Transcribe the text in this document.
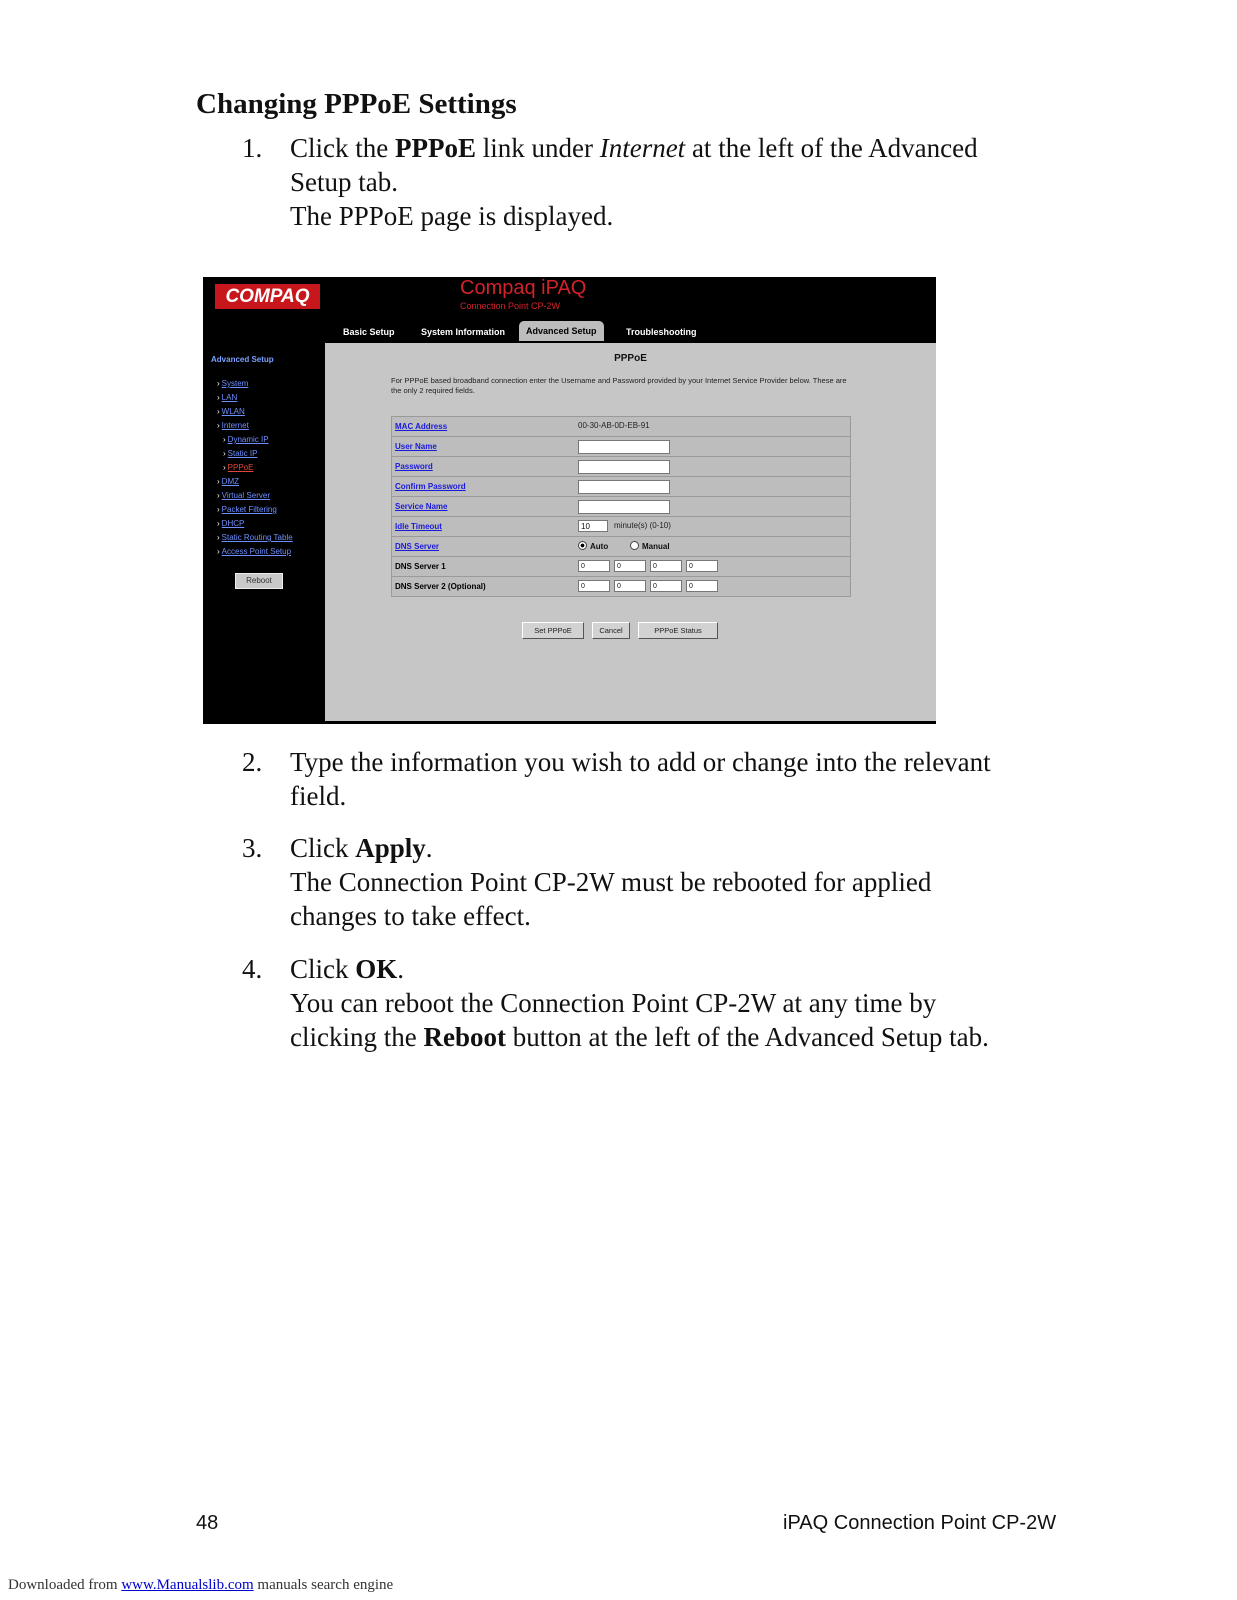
Changing PPPoE Settings
1. Click the PPPoE link under Internet at the left of the Advanced
Setup tab.
The PPPoE page is displayed.
COMPAQ	Compaq iPAQ
Connection Point CP-2W
Basic Setup	System Information	Advanced Setup	Troubleshooting
Advanced Setup
› System
› LAN
› WLAN
› Internet
› Dynamic IP
› Static IP
› PPPoE
› DMZ
› Virtual Server
› Packet Filtering
› DHCP
› Static Routing Table
› Access Point Setup
Reboot
PPPoE
For PPPoE based broadband connection enter the Username and Password provided by your Internet Service Provider below. These are the only 2 required fields.
MAC Address	00-30-AB-0D-EB-91
User Name
Password
Confirm Password
Service Name
Idle Timeout	10	minute(s) (0-10)
DNS Server	Auto	Manual
DNS Server 1	0	0	0	0
DNS Server 2 (Optional)	0	0	0	0
Set PPPoE	Cancel	PPPoE Status
2. Type the information you wish to add or change into the relevant
field.
3. Click Apply.
The Connection Point CP-2W must be rebooted for applied
changes to take effect.
4. Click OK.
You can reboot the Connection Point CP-2W at any time by
clicking the Reboot button at the left of the Advanced Setup tab.
48	iPAQ Connection Point CP-2W
Downloaded from www.Manualslib.com manuals search engine
